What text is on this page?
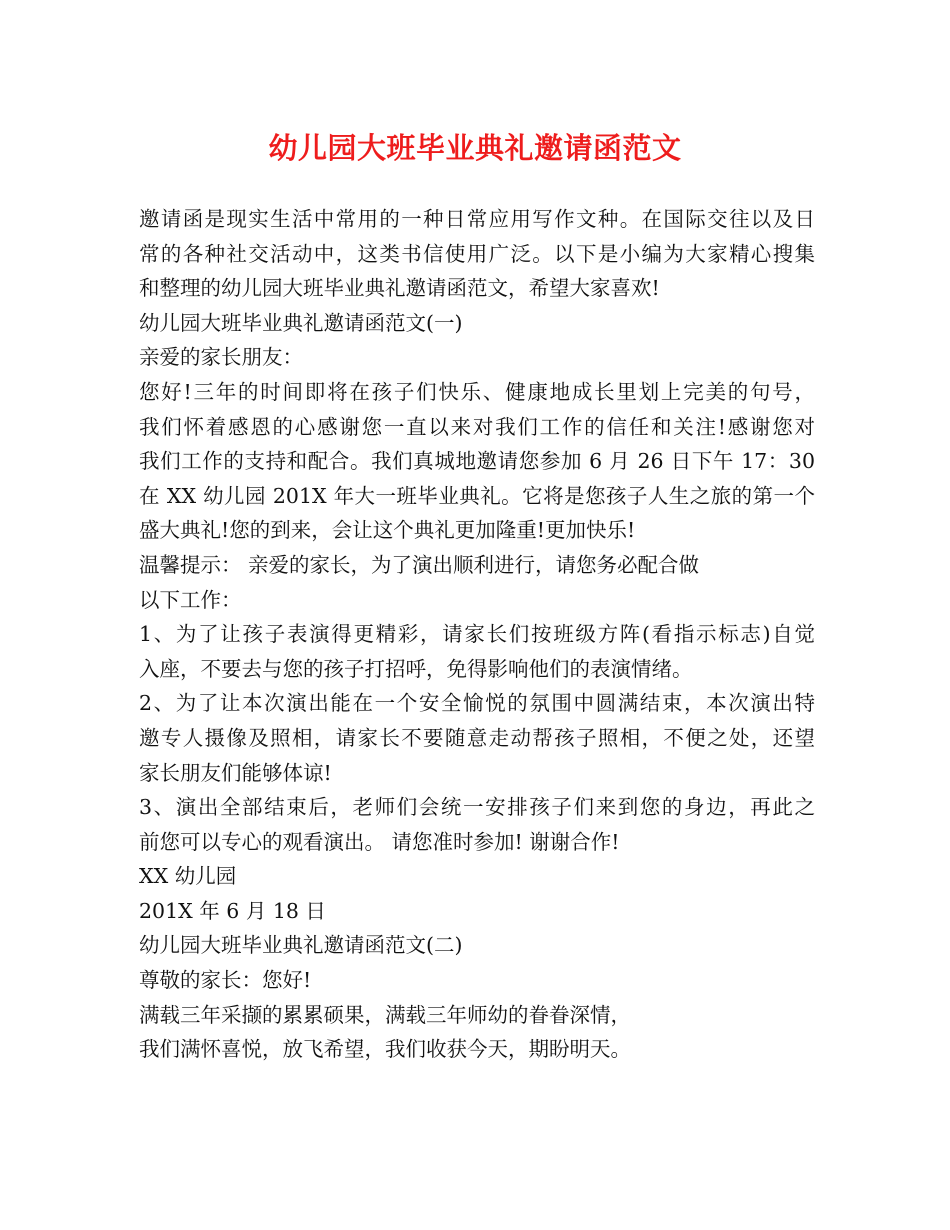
幼儿园大班毕业典礼邀请函范文
邀请函是现实生活中常用的一种日常应用写作文种。在国际交往以及日
常的各种社交活动中，这类书信使用广泛。以下是小编为大家精心搜集
和整理的幼儿园大班毕业典礼邀请函范文，希望大家喜欢!
幼儿园大班毕业典礼邀请函范文(一)
亲爱的家长朋友：
您好!三年的时间即将在孩子们快乐、健康地成长里划上完美的句号，
我们怀着感恩的心感谢您一直以来对我们工作的信任和关注!感谢您对
我们工作的支持和配合。我们真城地邀请您参加 6 月 26 日下午 17：30
在 XX 幼儿园 201X 年大一班毕业典礼。它将是您孩子人生之旅的第一个
盛大典礼!您的到来，会让这个典礼更加隆重!更加快乐!
温馨提示： 亲爱的家长，为了演出顺利进行，请您务必配合做
以下工作：
1、为了让孩子表演得更精彩，请家长们按班级方阵(看指示标志)自觉
入座，不要去与您的孩子打招呼，免得影响他们的表演情绪。
2、为了让本次演出能在一个安全愉悦的氛围中圆满结束，本次演出特
邀专人摄像及照相，请家长不要随意走动帮孩子照相，不便之处，还望
家长朋友们能够体谅!
3、演出全部结束后，老师们会统一安排孩子们来到您的身边，再此之
前您可以专心的观看演出。 请您准时参加! 谢谢合作!
XX 幼儿园
201X 年 6 月 18 日
幼儿园大班毕业典礼邀请函范文(二)
尊敬的家长：您好!
满载三年采撷的累累硕果，满载三年师幼的眷眷深情，
我们满怀喜悦，放飞希望，我们收获今天，期盼明天。
